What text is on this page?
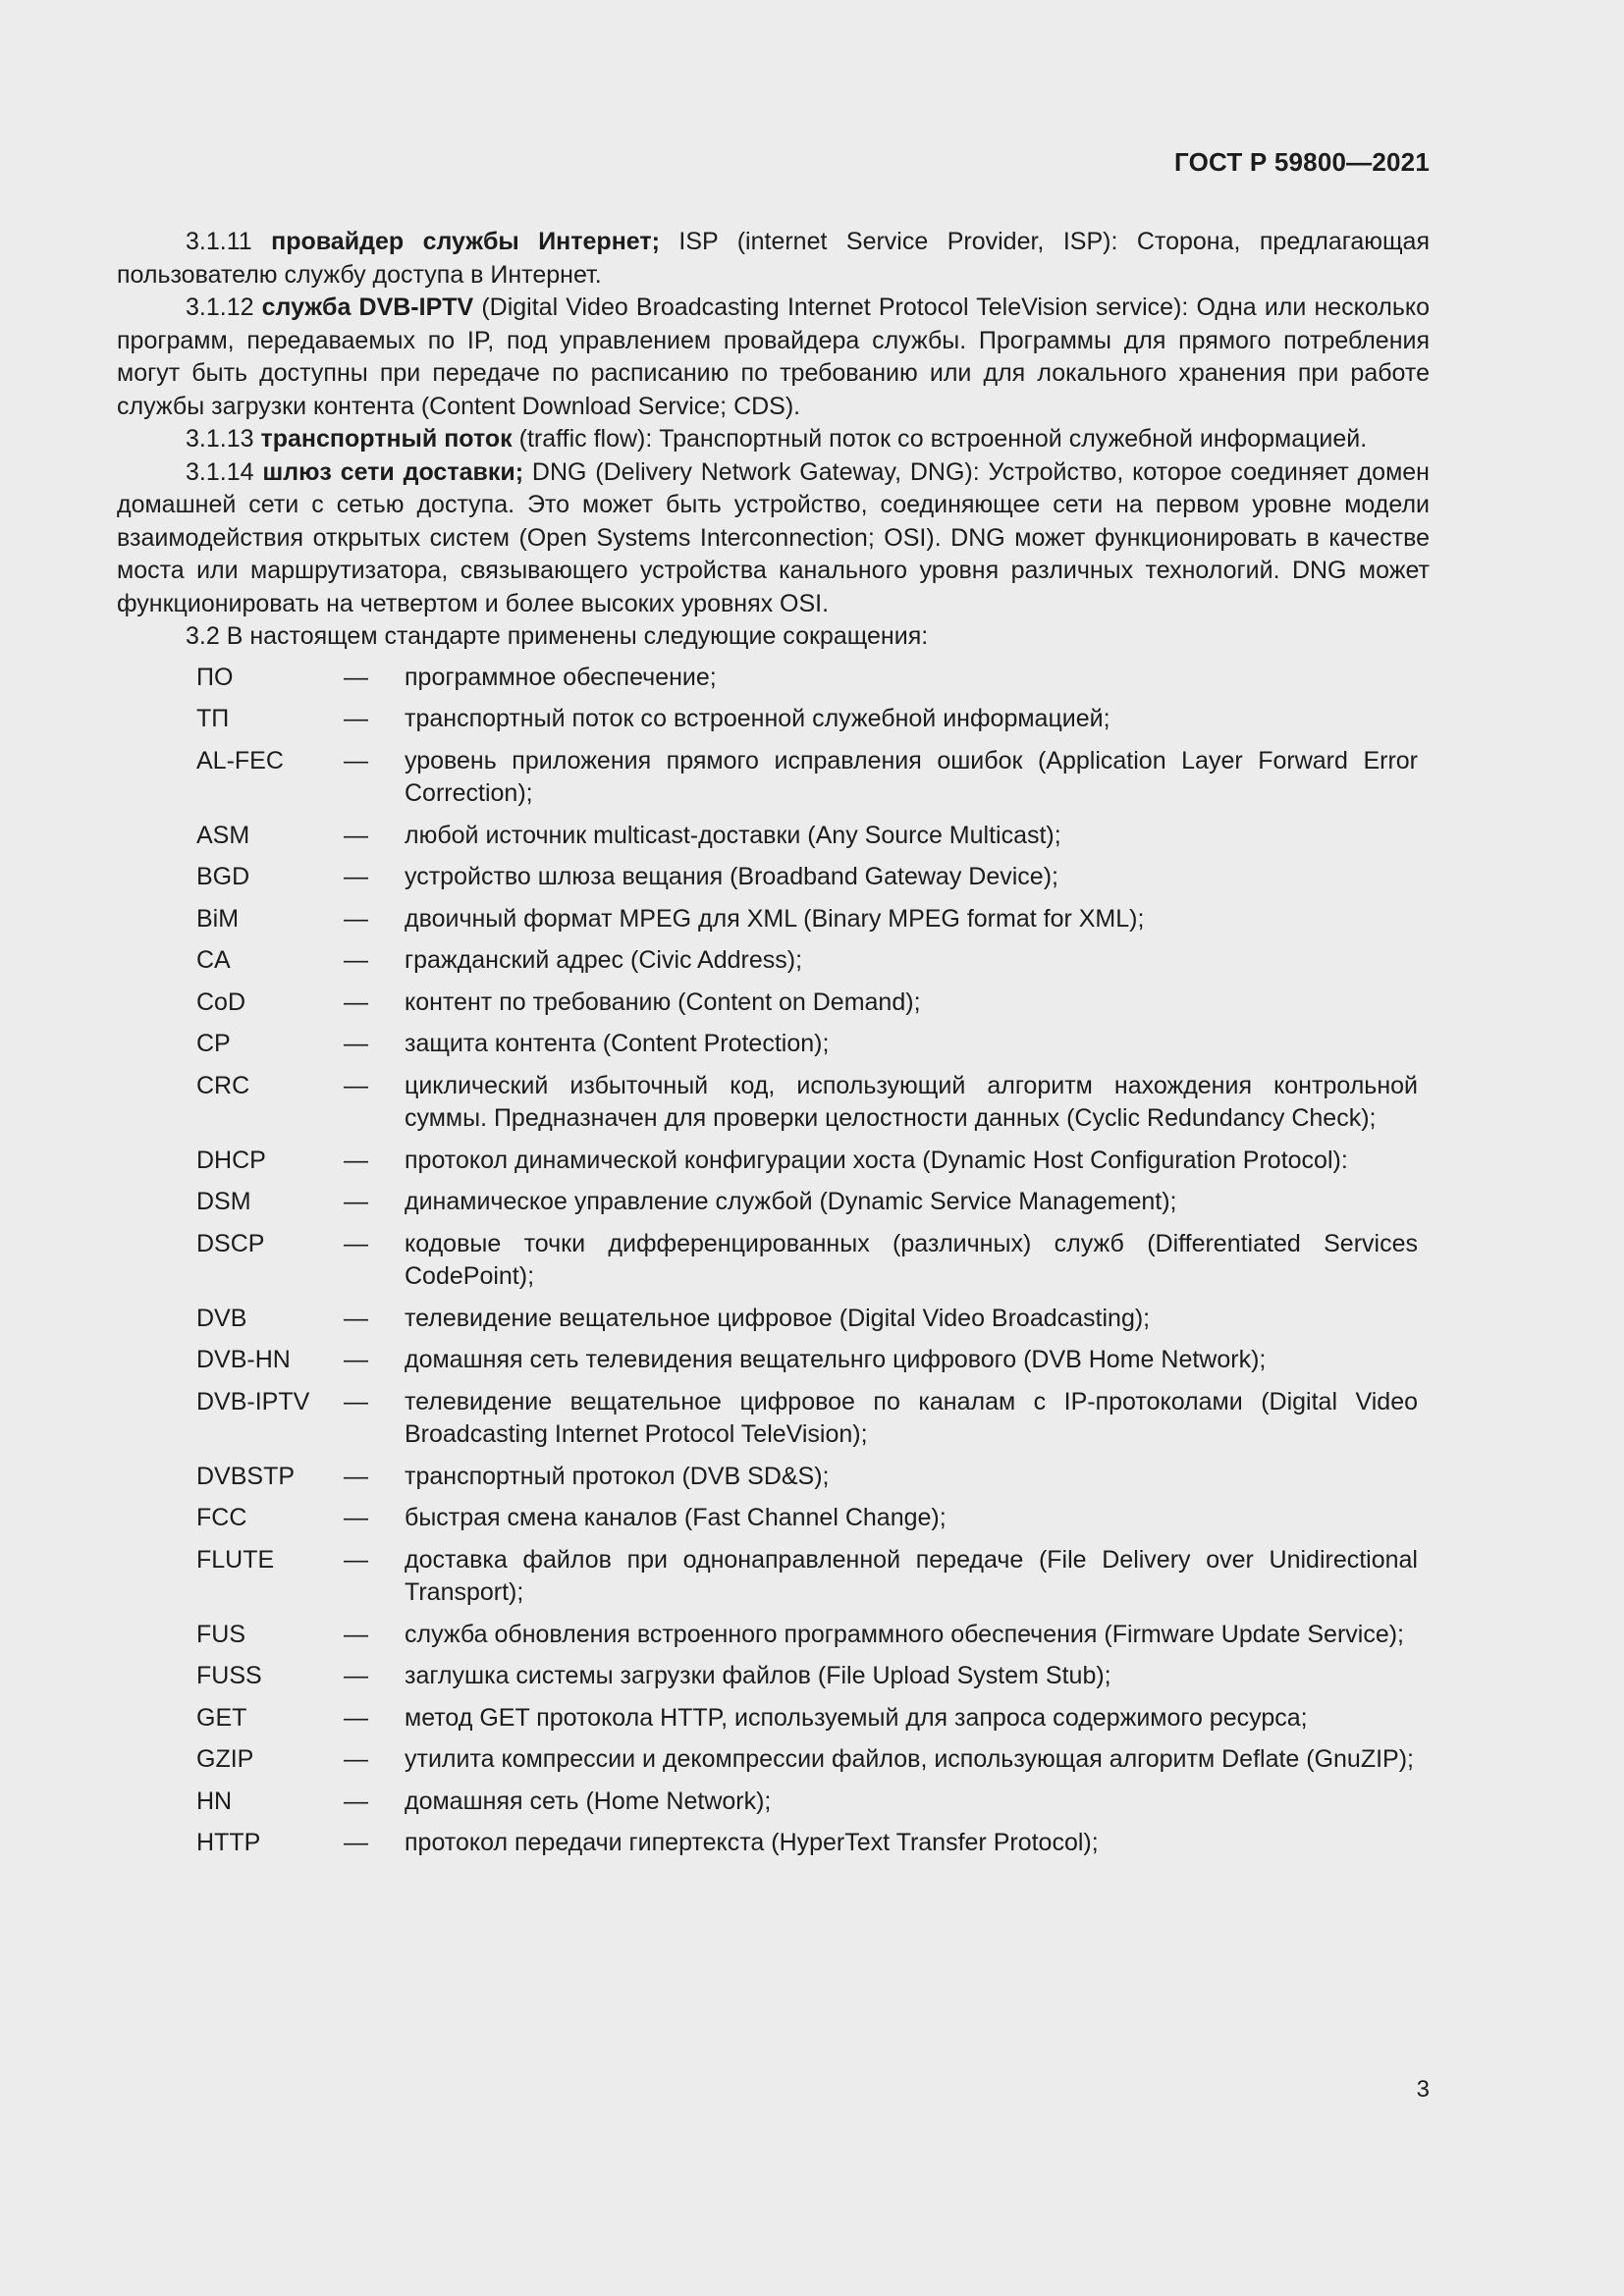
ГОСТ Р 59800—2021

3.1.11 провайдер службы Интернет; ISP (internet Service Provider, ISP): Сторона, предлагающая пользователю службу доступа в Интернет.

3.1.12 служба DVB-IPTV (Digital Video Broadcasting Internet Protocol TeleVision service): Одна или несколько программ, передаваемых по IP, под управлением провайдера службы. Программы для прямого потребления могут быть доступны при передаче по расписанию по требованию или для локального хранения при работе службы загрузки контента (Content Download Service; CDS).

3.1.13 транспортный поток (traffic flow): Транспортный поток со встроенной служебной информацией.

3.1.14 шлюз сети доставки; DNG (Delivery Network Gateway, DNG): Устройство, которое соединяет домен домашней сети с сетью доступа. Это может быть устройство, соединяющее сети на первом уровне модели взаимодействия открытых систем (Open Systems Interconnection; OSI). DNG может функционировать в качестве моста или маршрутизатора, связывающего устройства канального уровня различных технологий. DNG может функционировать на четвертом и более высоких уровнях OSI.

3.2 В настоящем стандарте применены следующие сокращения:

ПО	—	программное обеспечение;
ТП	—	транспортный поток со встроенной служебной информацией;
AL-FEC	—	уровень приложения прямого исправления ошибок (Application Layer Forward Error Correction);
ASM	—	любой источник multicast-доставки (Any Source Multicast);
BGD	—	устройство шлюза вещания (Broadband Gateway Device);
BiM	—	двоичный формат MPEG для XML (Binary MPEG format for XML);
CA	—	гражданский адрес (Civic Address);
CoD	—	контент по требованию (Content on Demand);
CP	—	защита контента (Content Protection);
CRC	—	циклический избыточный код, использующий алгоритм нахождения контрольной суммы. Предназначен для проверки целостности данных (Cyclic Redundancy Check);
DHCP	—	протокол динамической конфигурации хоста (Dynamic Host Configuration Protocol):
DSM	—	динамическое управление службой (Dynamic Service Management);
DSCP	—	кодовые точки дифференцированных (различных) служб (Differentiated Services CodePoint);
DVB	—	телевидение вещательное цифровое (Digital Video Broadcasting);
DVB-HN	—	домашняя сеть телевидения вещательнго цифрового (DVB Home Network);
DVB-IPTV	—	телевидение вещательное цифровое по каналам с IP-протоколами (Digital Video Broadcasting Internet Protocol TeleVision);
DVBSTP	—	транспортный протокол (DVB SD&S);
FCC	—	быстрая смена каналов (Fast Channel Change);
FLUTE	—	доставка файлов при однонаправленной передаче (File Delivery over Unidirectional Transport);
FUS	—	служба обновления встроенного программного обеспечения (Firmware Update Service);
FUSS	—	заглушка системы загрузки файлов (File Upload System Stub);
GET	—	метод GET протокола HTTP, используемый для запроса содержимого ресурса;
GZIP	—	утилита компрессии и декомпрессии файлов, использующая алгоритм Deflate (GnuZIP);
HN	—	домашняя сеть (Home Network);
HTTP	—	протокол передачи гипертекста (HyperText Transfer Protocol);
3
